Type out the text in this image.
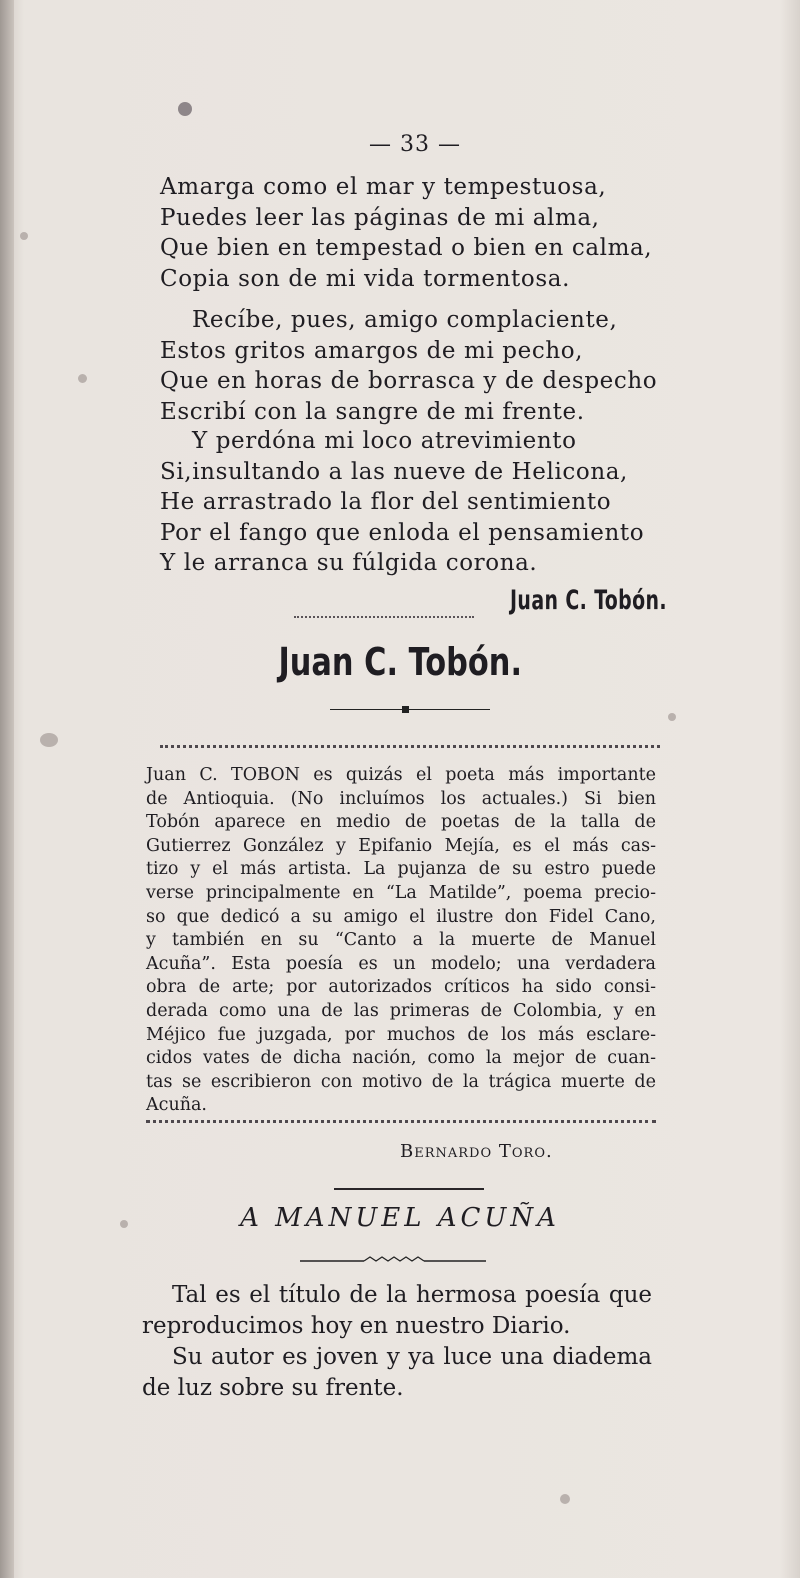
— 33 —
Amarga como el mar y tempestuosa,
Puedes leer las páginas de mi alma,
Que bien en tempestad o bien en calma,
Copia son de mi vida tormentosa.
Recíbe, pues, amigo complaciente,
Estos gritos amargos de mi pecho,
Que en horas de borrasca y de despecho
Escribí con la sangre de mi frente.
Y perdóna mi loco atrevimiento
Si,insultando a las nueve de Helicona,
He arrastrado la flor del sentimiento
Por el fango que enloda el pensamiento
Y le arranca su fúlgida corona.
Juan C. Tobón.
Juan C. Tobón.
Juan C. TOBON es quizás el poeta más importante
de Antioquia. (No incluímos los actuales.) Si bien
Tobón aparece en medio de poetas de la talla de
Gutierrez González y Epifanio Mejía, es el más cas-
tizo y el más artista. La pujanza de su estro puede
verse principalmente en “La Matilde”, poema precio-
so que dedicó a su amigo el ilustre don Fidel Cano,
y también en su “Canto a la muerte de Manuel
Acuña”. Esta poesía es un modelo; una verdadera
obra de arte; por autorizados críticos ha sido consi-
derada como una de las primeras de Colombia, y en
Méjico fue juzgada, por muchos de los más esclare-
cidos vates de dicha nación, como la mejor de cuan-
tas se escribieron con motivo de la trágica muerte de
Acuña.
Bernardo Toro.
A MANUEL ACUÑA
Tal es el título de la hermosa poesía que
reproducimos hoy en nuestro Diario.
Su autor es joven y ya luce una diadema
de luz sobre su frente.
